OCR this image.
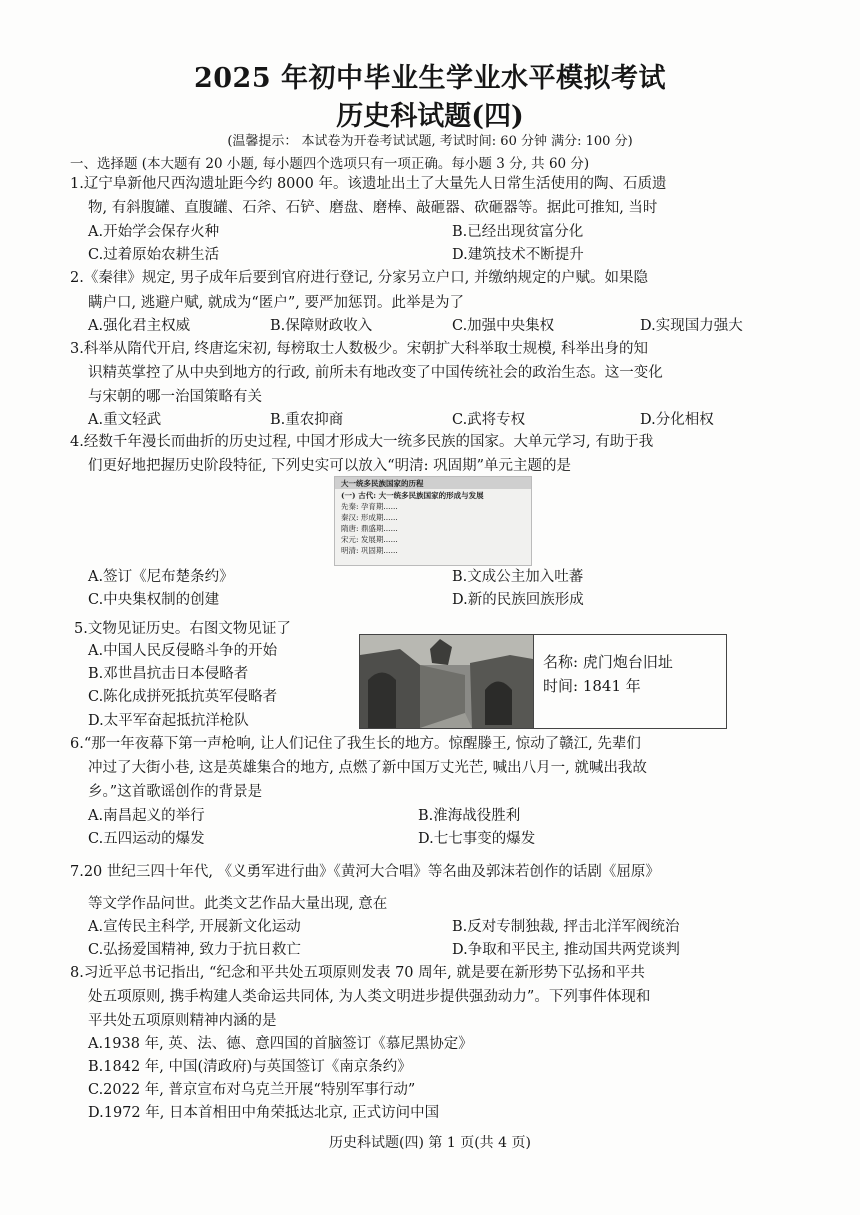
2025 年初中毕业生学业水平模拟考试
历史科试题(四)
(温馨提示： 本试卷为开卷考试试题, 考试时间: 60 分钟 满分: 100 分)
一、选择题 (本大题有 20 小题, 每小题四个选项只有一项正确。每小题 3 分, 共 60 分)
1.辽宁阜新他尺西沟遗址距今约 8000 年。该遗址出土了大量先人日常生活使用的陶、石质遗
物, 有斜腹罐、直腹罐、石斧、石铲、磨盘、磨棒、敲砸器、砍砸器等。据此可推知, 当时
A.开始学会保存火种	B.已经出现贫富分化
C.过着原始农耕生活	D.建筑技术不断提升
2.《秦律》规定, 男子成年后要到官府进行登记, 分家另立户口, 并缴纳规定的户赋。如果隐
瞒户口, 逃避户赋, 就成为“匿户”, 要严加惩罚。此举是为了
A.强化君主权威	B.保障财政收入	C.加强中央集权	D.实现国力强大
3.科举从隋代开启, 终唐迄宋初, 每榜取士人数极少。宋朝扩大科举取士规模, 科举出身的知
识精英掌控了从中央到地方的行政, 前所未有地改变了中国传统社会的政治生态。这一变化
与宋朝的哪一治国策略有关
A.重文轻武	B.重农抑商	C.武将专权	D.分化相权
4.经数千年漫长而曲折的历史过程, 中国才形成大一统多民族的国家。大单元学习, 有助于我
们更好地把握历史阶段特征, 下列史实可以放入“明清: 巩固期”单元主题的是
大一统多民族国家的历程
(一) 古代: 大一统多民族国家的形成与发展
先秦: 孕育期......
秦汉: 形成期......
隋唐: 鼎盛期......
宋元: 发展期......
明清: 巩固期......
A.签订《尼布楚条约》	B.文成公主加入吐蕃
C.中央集权制的创建	D.新的民族回族形成
5.文物见证历史。右图文物见证了
A.中国人民反侵略斗争的开始
B.邓世昌抗击日本侵略者
C.陈化成拼死抵抗英军侵略者
D.太平军奋起抵抗洋枪队
名称: 虎门炮台旧址
时间: 1841 年
6.“那一年夜幕下第一声枪响, 让人们记住了我生长的地方。惊醒滕王, 惊动了赣江, 先辈们
冲过了大街小巷, 这是英雄集合的地方, 点燃了新中国万丈光芒, 喊出八月一, 就喊出我故
乡。”这首歌谣创作的背景是
A.南昌起义的举行	B.淮海战役胜利
C.五四运动的爆发	D.七七事变的爆发
7.20 世纪三四十年代, 《义勇军进行曲》《黄河大合唱》等名曲及郭沫若创作的话剧《屈原》
等文学作品问世。此类文艺作品大量出现, 意在
A.宣传民主科学, 开展新文化运动	B.反对专制独裁, 抨击北洋军阀统治
C.弘扬爱国精神, 致力于抗日救亡	D.争取和平民主, 推动国共两党谈判
8.习近平总书记指出, “纪念和平共处五项原则发表 70 周年, 就是要在新形势下弘扬和平共
处五项原则, 携手构建人类命运共同体, 为人类文明进步提供强劲动力”。下列事件体现和
平共处五项原则精神内涵的是
A.1938 年, 英、法、德、意四国的首脑签订《慕尼黑协定》
B.1842 年, 中国(清政府)与英国签订《南京条约》
C.2022 年, 普京宣布对乌克兰开展“特别军事行动”
D.1972 年, 日本首相田中角荣抵达北京, 正式访问中国
历史科试题(四) 第 1 页(共 4 页)
